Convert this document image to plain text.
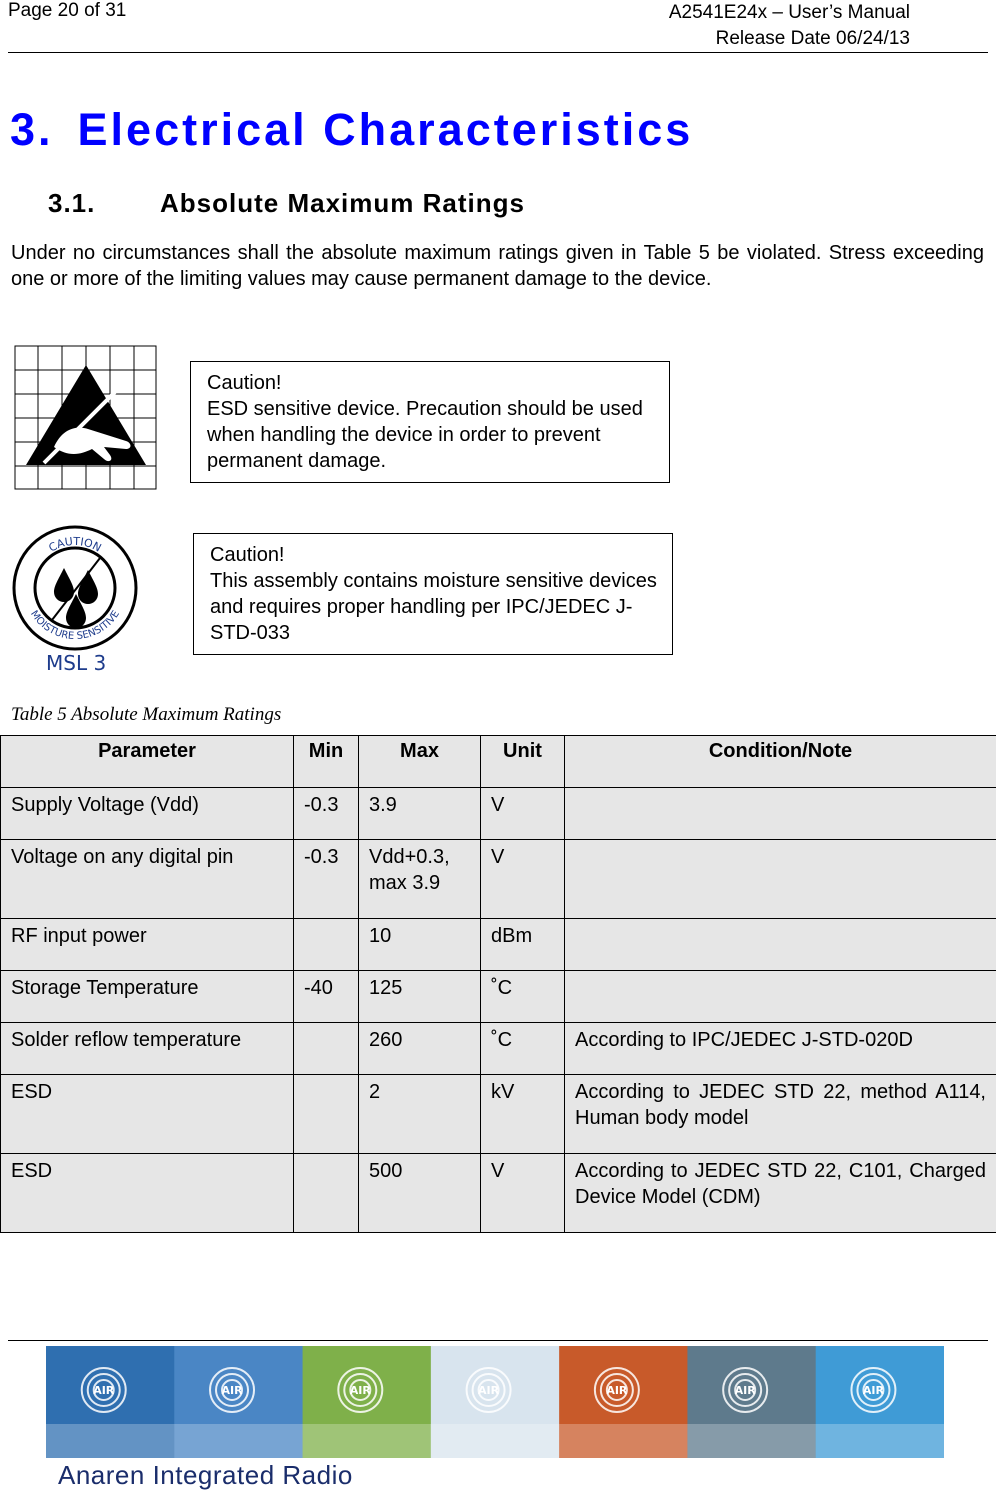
Page 20 of 31	A2541E24x – User’s Manual
Release Date 06/24/13
3. Electrical Characteristics
3.1. Absolute Maximum Ratings
Under no circumstances shall the absolute maximum ratings given in Table 5 be violated. Stress exceeding one or more of the limiting values may cause permanent damage to the device.
Caution!
ESD sensitive device. Precaution should be used when handling the device in order to prevent permanent damage.
CAUTION
MOISTURE SENSITIVE
MSL 3
Caution!
This assembly contains moisture sensitive devices and requires proper handling per IPC/JEDEC J-STD-033
Table 5 Absolute Maximum Ratings
Parameter	Min	Max	Unit	Condition/Note
Supply Voltage (Vdd)	-0.3	3.9	V	
Voltage on any digital pin	-0.3	Vdd+0.3, max 3.9	V	
RF input power		10	dBm	
Storage Temperature	-40	125	˚C	
Solder reflow temperature		260	˚C	According to IPC/JEDEC J-STD-020D
ESD		2	kV	According to JEDEC STD 22, method A114, Human body model
ESD		500	V	According to JEDEC STD 22, C101, Charged Device Model (CDM)
AIR	AIR	AIR	AIR	AIR	AIR	AIR
Anaren Integrated Radio
